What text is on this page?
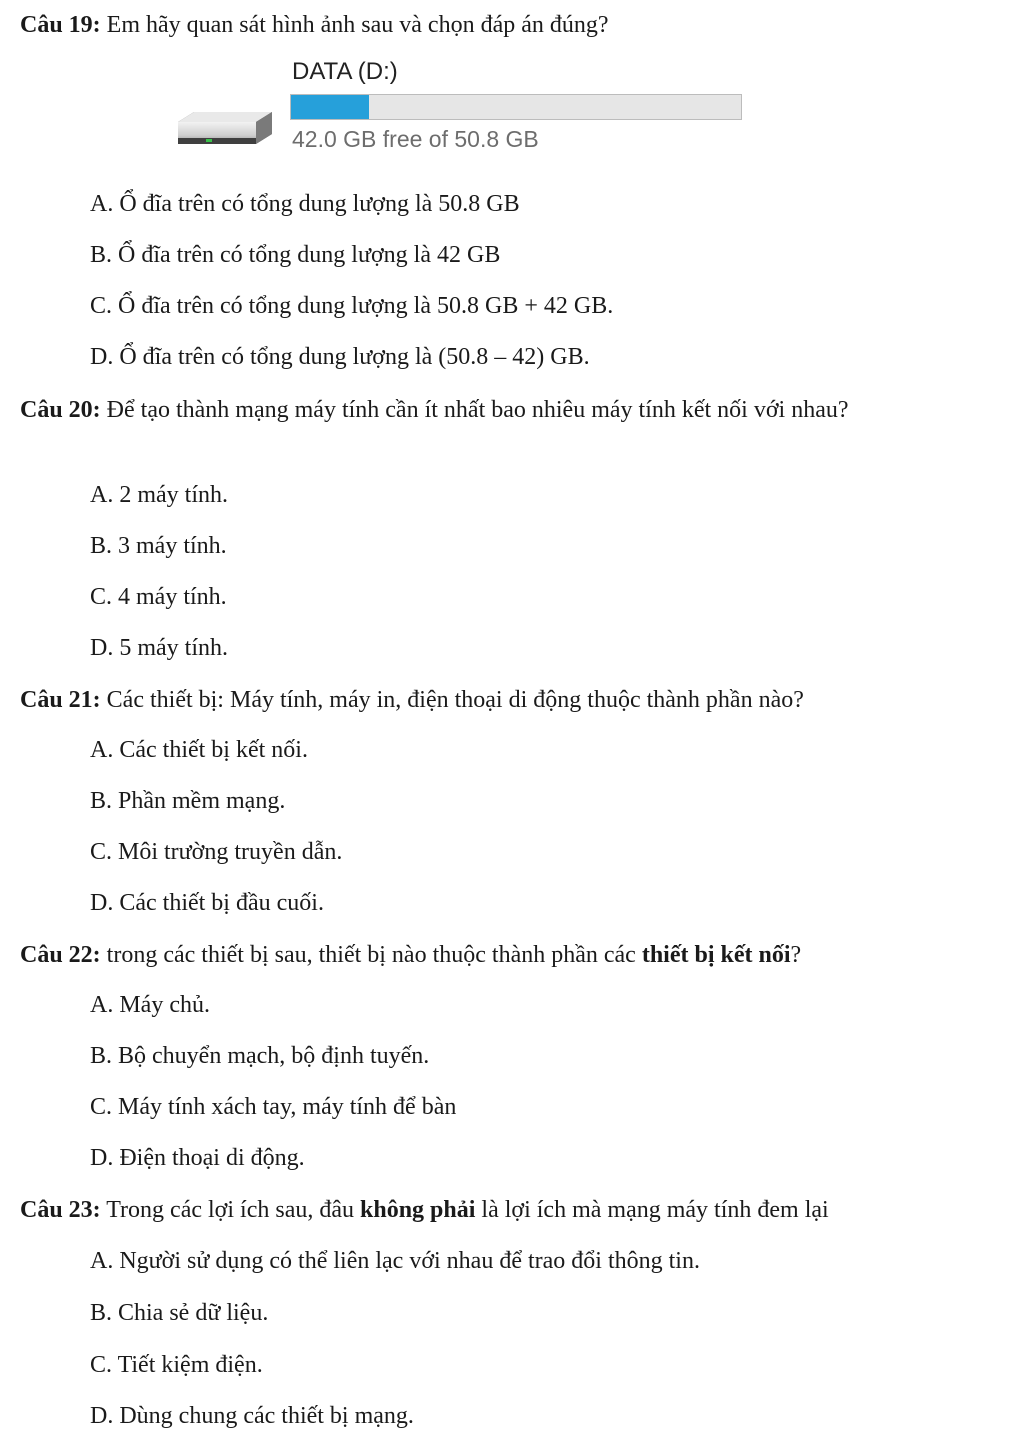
Câu 19: Em hãy quan sát hình ảnh sau và chọn đáp án đúng?
DATA (D:)
42.0 GB free of 50.8 GB
A. Ổ đĩa trên có tổng dung lượng là 50.8 GB
B. Ổ đĩa trên có tổng dung lượng là 42 GB
C. Ổ đĩa trên có tổng dung lượng là 50.8 GB + 42 GB.
D. Ổ đĩa trên có tổng dung lượng là (50.8 – 42) GB.
Câu 20: Để tạo thành mạng máy tính cần ít nhất bao nhiêu máy tính kết nối với nhau?
A. 2 máy tính.
B. 3 máy tính.
C. 4 máy tính.
D. 5 máy tính.
Câu 21: Các thiết bị: Máy tính, máy in, điện thoại di động thuộc thành phần nào?
A. Các thiết bị kết nối.
B. Phần mềm mạng.
C. Môi trường truyền dẫn.
D. Các thiết bị đầu cuối.
Câu 22: trong các thiết bị sau, thiết bị nào thuộc thành phần các thiết bị kết nối?
A. Máy chủ.
B. Bộ chuyển mạch, bộ định tuyến.
C. Máy tính xách tay, máy tính để bàn
D. Điện thoại di động.
Câu 23: Trong các lợi ích sau, đâu không phải là lợi ích mà mạng máy tính đem lại
A. Người sử dụng có thể liên lạc với nhau để trao đổi thông tin.
B. Chia sẻ dữ liệu.
C. Tiết kiệm điện.
D. Dùng chung các thiết bị mạng.
